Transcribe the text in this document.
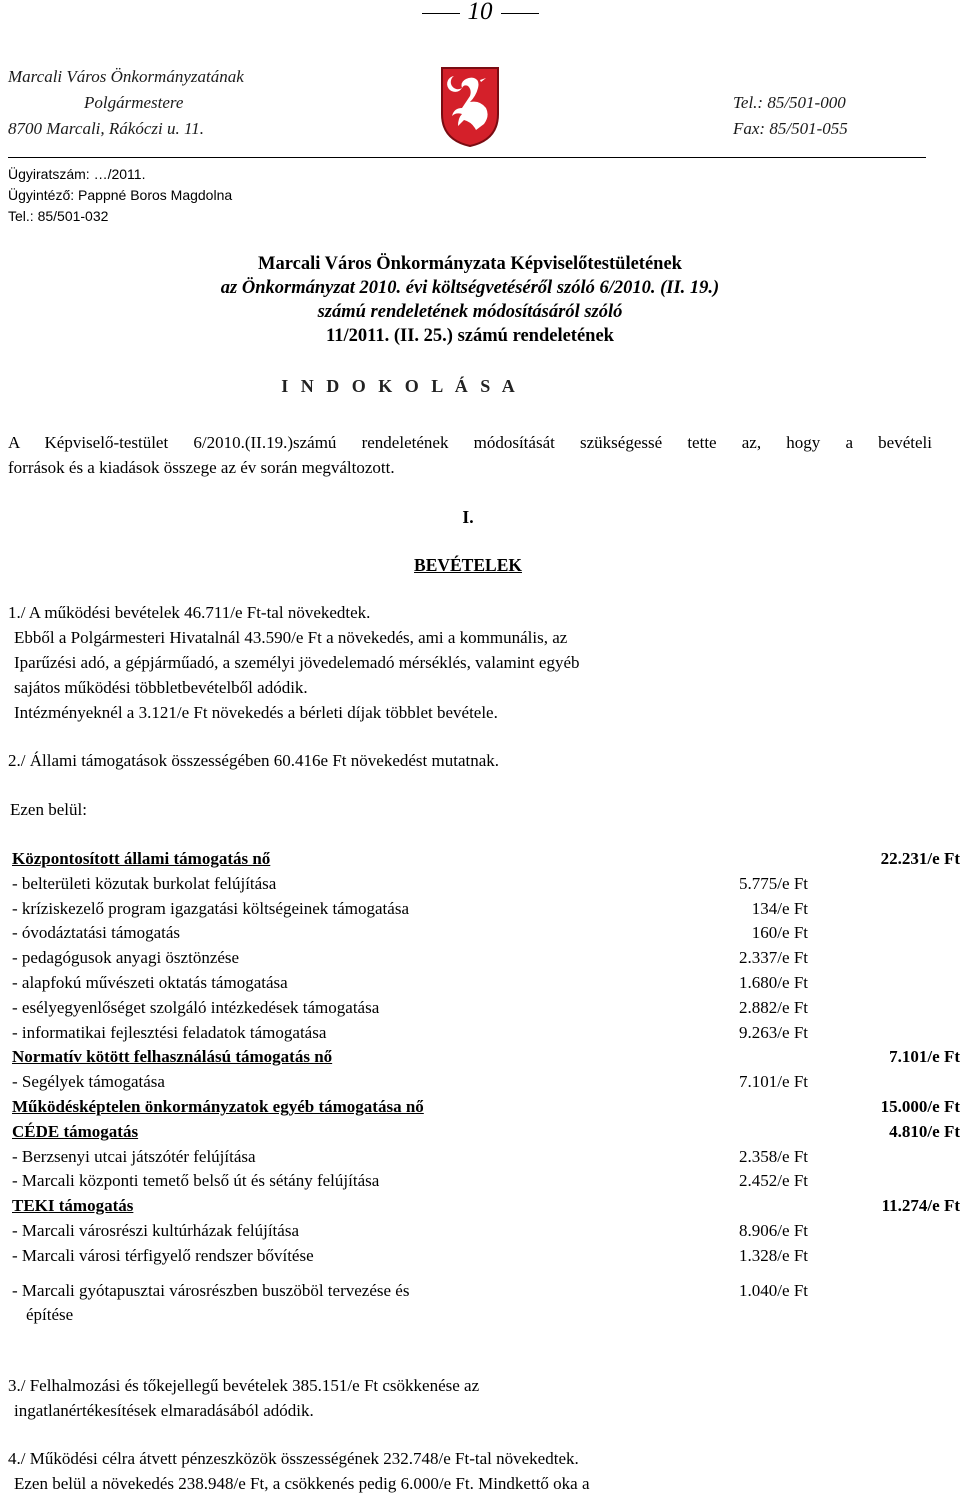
10
Marcali Város Önkormányzatának
Polgármestere
8700 Marcali, Rákóczi u. 11.
Tel.: 85/501-000
Fax: 85/501-055
Ügyiratszám: …/2011.
Ügyintéző: Pappné Boros Magdolna
Tel.: 85/501-032
Marcali Város Önkormányzata Képviselőtestületének
az Önkormányzat 2010. évi költségvetéséről szóló 6/2010. (II. 19.)
számú rendeletének módosításáról szóló
11/2011. (II. 25.) számú rendeletének
I N D O K O L Á S A
A Képviselő-testület 6/2010.(II.19.)számú rendeletének módosítását szükségessé tette az, hogy a bevételi
források és a kiadások összege az év során megváltozott.
I.
BEVÉTELEK
1./ A működési bevételek 46.711/e Ft-tal növekedtek.
Ebből a Polgármesteri Hivatalnál 43.590/e Ft a növekedés, ami a kommunális, az
Iparűzési adó, a gépjárműadó, a személyi jövedelemadó mérséklés, valamint egyéb
sajátos működési többletbevételből adódik.
Intézményeknél a 3.121/e Ft növekedés a bérleti díjak többlet bevétele.
2./ Állami támogatások összességében 60.416e Ft növekedést mutatnak.
Ezen belül:
Központosított állami támogatás nő	22.231/e Ft
- belterületi közutak burkolat felújítása	5.775/e Ft
- kríziskezelő program igazgatási költségeinek támogatása	134/e Ft
- óvodáztatási támogatás	160/e Ft
- pedagógusok anyagi ösztönzése	2.337/e Ft
- alapfokú művészeti oktatás támogatása	1.680/e Ft
- esélyegyenlőséget szolgáló intézkedések támogatása	2.882/e Ft
- informatikai fejlesztési feladatok támogatása	9.263/e Ft
Normatív kötött felhasználású támogatás nő	7.101/e Ft
- Segélyek támogatása	7.101/e Ft
Működésképtelen önkormányzatok egyéb támogatása nő	15.000/e Ft
CÉDE támogatás	4.810/e Ft
- Berzsenyi utcai játszótér felújítása	2.358/e Ft
- Marcali központi temető belső út és sétány felújítása	2.452/e Ft
TEKI támogatás	11.274/e Ft
- Marcali városrészi kultúrházak felújítása	8.906/e Ft
- Marcali városi térfigyelő rendszer bővítése	1.328/e Ft
- Marcali gyótapusztai városrészben buszöböl tervezése és	1.040/e Ft
építése
3./ Felhalmozási és tőkejellegű bevételek 385.151/e Ft csökkenése az
ingatlanértékesítések elmaradásából adódik.
4./ Működési célra átvett pénzeszközök összességének 232.748/e Ft-tal növekedtek.
Ezen belül a növekedés 238.948/e Ft, a csökkenés pedig 6.000/e Ft. Mindkettő oka a
